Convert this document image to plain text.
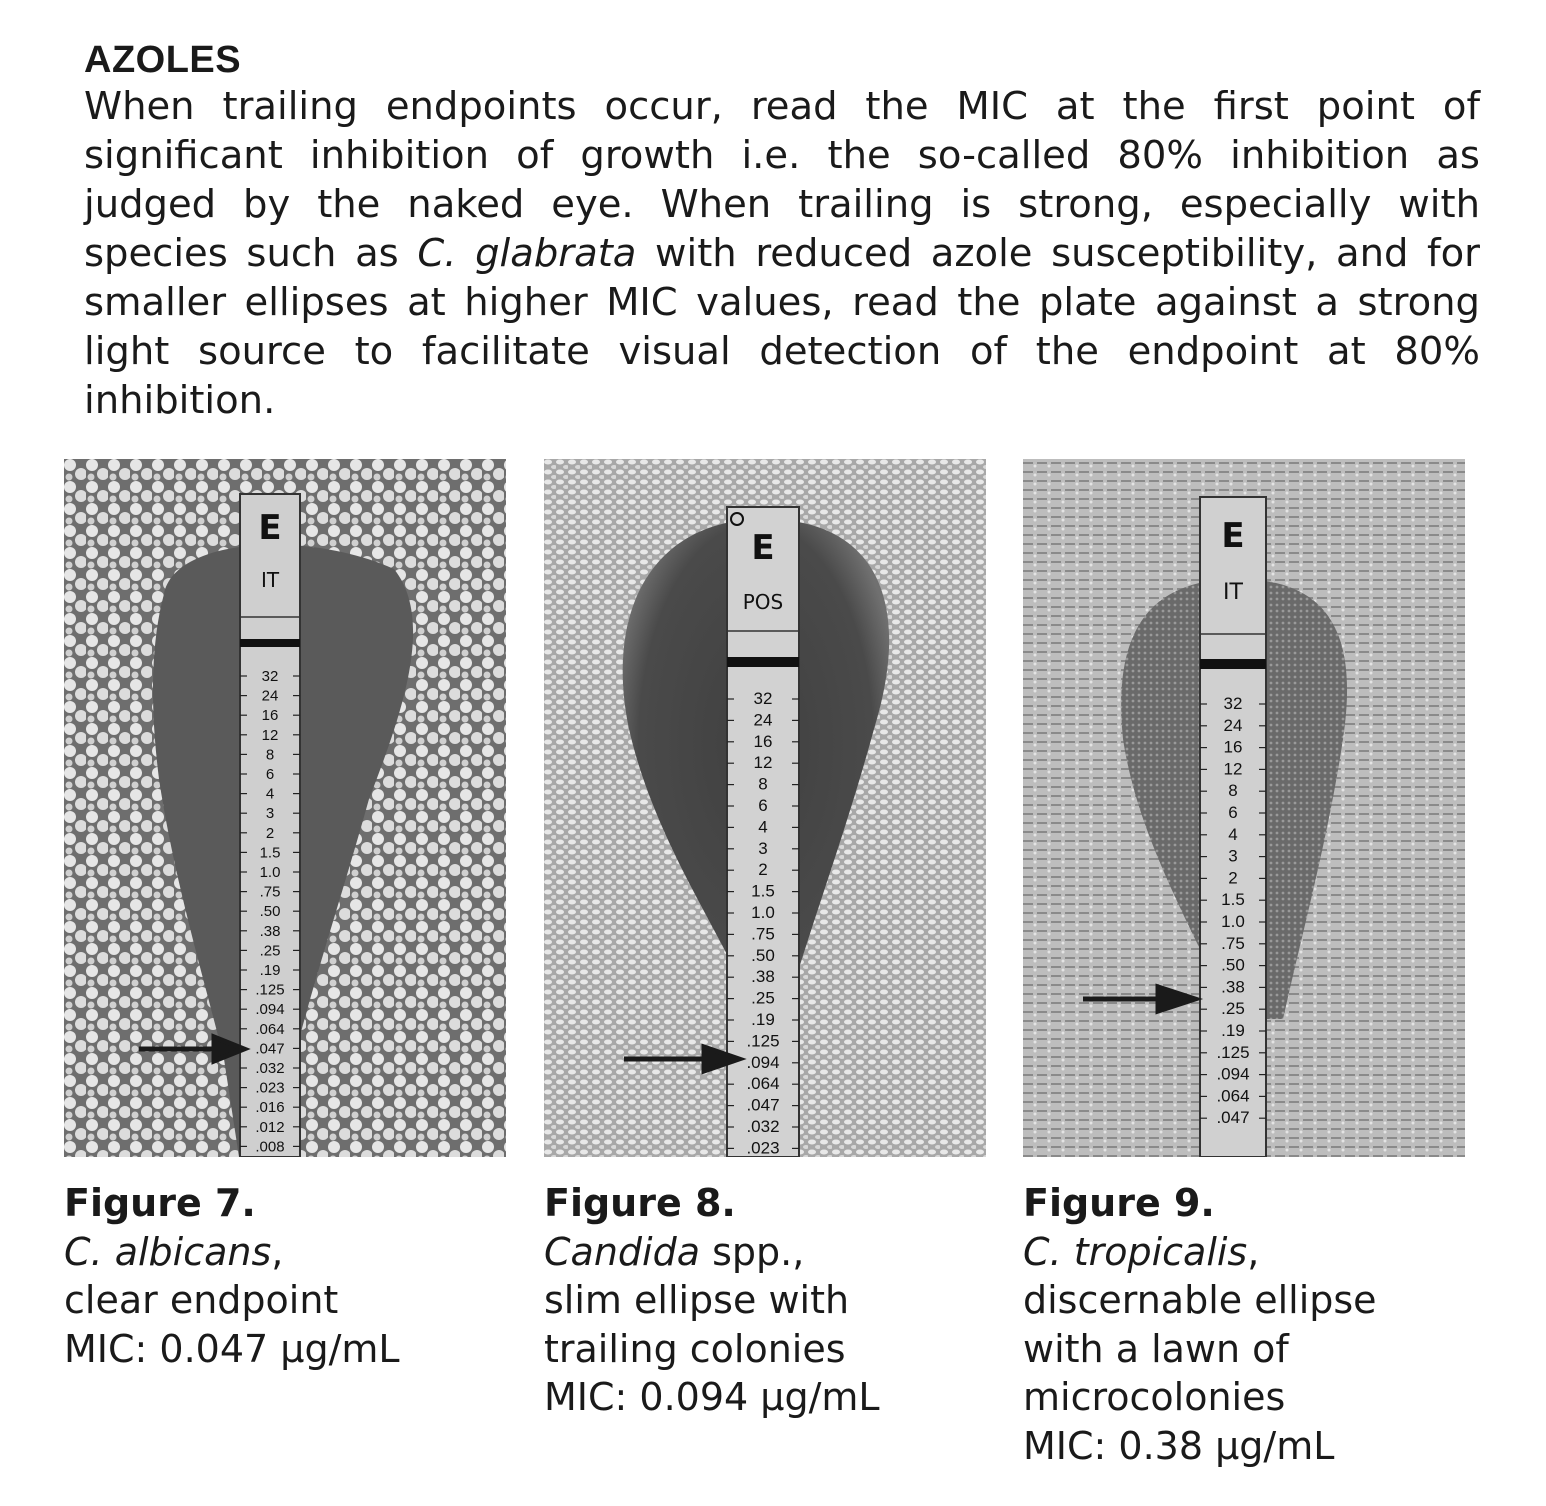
AZOLES

When trailing endpoints occur, read the MIC at the first point of significant inhibition of growth i.e. the so-called 80% inhibition as judged by the naked eye. When trailing is strong, especially with species such as C. glabrata with reduced azole susceptibility, and for smaller ellipses at higher MIC values, read the plate against a strong light source to facilitate visual detection of the endpoint at 80% inhibition.

E
IT
32
24
16
12
8
6
4
3
2
1.5
1.0
.75
.50
.38
.25
.19
.125
.094
.064
.047
.032
.023
.016
.012
.008
Figure 7.
C. albicans,
clear endpoint
MIC: 0.047 µg/mL
E
POS
32
24
16
12
8
6
4
3
2
1.5
1.0
.75
.50
.38
.25
.19
.125
.094
.064
.047
.032
.023
Figure 8.
Candida spp.,
slim ellipse with
trailing colonies
MIC: 0.094 µg/mL
E
IT
32
24
16
12
8
6
4
3
2
1.5
1.0
.75
.50
.38
.25
.19
.125
.094
.064
.047
Figure 9.
C. tropicalis,
discernable ellipse
with a lawn of
microcolonies
MIC: 0.38 µg/mL
